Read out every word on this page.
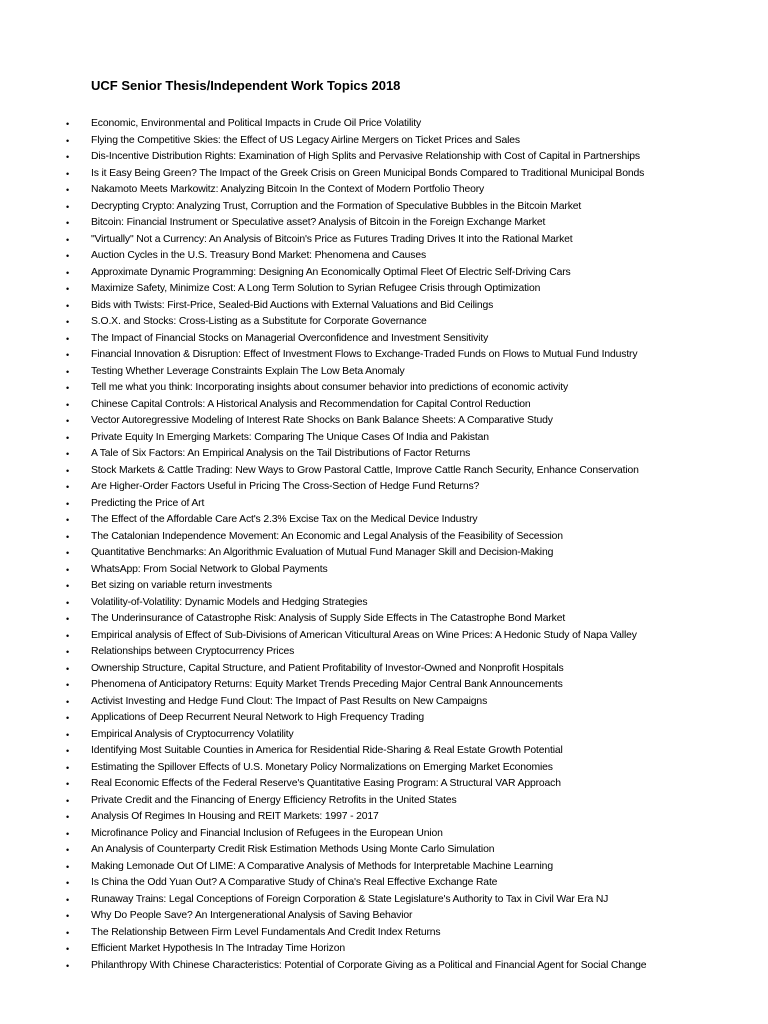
UCF Senior Thesis/Independent Work Topics 2018
• Economic, Environmental and Political Impacts in Crude Oil Price Volatility
• Flying the Competitive Skies: the Effect of US Legacy Airline Mergers on Ticket Prices and Sales
• Dis-Incentive Distribution Rights: Examination of High Splits and Pervasive Relationship with Cost of Capital in Partnerships
• Is it Easy Being Green? The Impact of the Greek Crisis on Green Municipal Bonds Compared to Traditional Municipal Bonds
• Nakamoto Meets Markowitz: Analyzing Bitcoin In the Context of Modern Portfolio Theory
• Decrypting Crypto: Analyzing Trust, Corruption and the Formation of Speculative Bubbles in the Bitcoin Market
• Bitcoin: Financial Instrument or Speculative asset? Analysis of Bitcoin in the Foreign Exchange Market
• "Virtually" Not a Currency: An Analysis of Bitcoin's Price as Futures Trading Drives It into the Rational Market
• Auction Cycles in the U.S. Treasury Bond Market: Phenomena and Causes
• Approximate Dynamic Programming: Designing An Economically Optimal Fleet Of Electric Self-Driving Cars
• Maximize Safety, Minimize Cost: A Long Term Solution to Syrian Refugee Crisis through Optimization
• Bids with Twists: First-Price, Sealed-Bid Auctions with External Valuations and Bid Ceilings
• S.O.X. and Stocks: Cross-Listing as a Substitute for Corporate Governance
• The Impact of Financial Stocks on Managerial Overconfidence and Investment Sensitivity
• Financial Innovation & Disruption: Effect of Investment Flows to Exchange-Traded Funds on Flows to Mutual Fund Industry
• Testing Whether Leverage Constraints Explain The Low Beta Anomaly
• Tell me what you think: Incorporating insights about consumer behavior into predictions of economic activity
• Chinese Capital Controls: A Historical Analysis and Recommendation for Capital Control Reduction
• Vector Autoregressive Modeling of Interest Rate Shocks on Bank Balance Sheets: A Comparative Study
• Private Equity In Emerging Markets: Comparing The Unique Cases Of India and Pakistan
• A Tale of Six Factors: An Empirical Analysis on the Tail Distributions of Factor Returns
• Stock Markets & Cattle Trading: New Ways to Grow Pastoral Cattle, Improve Cattle Ranch Security, Enhance Conservation
• Are Higher-Order Factors Useful in Pricing The Cross-Section of Hedge Fund Returns?
• Predicting the Price of Art
• The Effect of the Affordable Care Act's 2.3% Excise Tax on the Medical Device Industry
• The Catalonian Independence Movement: An Economic and Legal Analysis of the Feasibility of Secession
• Quantitative Benchmarks: An Algorithmic Evaluation of Mutual Fund Manager Skill and Decision-Making
• WhatsApp: From Social Network to Global Payments
• Bet sizing on variable return investments
• Volatility-of-Volatility: Dynamic Models and Hedging Strategies
• The Underinsurance of Catastrophe Risk: Analysis of Supply Side Effects in The Catastrophe Bond Market
• Empirical analysis of Effect of Sub-Divisions of American Viticultural Areas on Wine Prices: A Hedonic Study of Napa Valley
• Relationships between Cryptocurrency Prices
• Ownership Structure, Capital Structure, and Patient Profitability of Investor-Owned and Nonprofit Hospitals
• Phenomena of Anticipatory Returns: Equity Market Trends Preceding Major Central Bank Announcements
• Activist Investing and Hedge Fund Clout: The Impact of Past Results on New Campaigns
• Applications of Deep Recurrent Neural Network to High Frequency Trading
• Empirical Analysis of Cryptocurrency Volatility
• Identifying Most Suitable Counties in America for Residential Ride-Sharing & Real Estate Growth Potential
• Estimating the Spillover Effects of U.S. Monetary Policy Normalizations on Emerging Market Economies
• Real Economic Effects of the Federal Reserve's Quantitative Easing Program: A Structural VAR Approach
• Private Credit and the Financing of Energy Efficiency Retrofits in the United States
• Analysis Of Regimes In Housing and REIT Markets: 1997 - 2017
• Microfinance Policy and Financial Inclusion of Refugees in the European Union
• An Analysis of Counterparty Credit Risk Estimation Methods Using Monte Carlo Simulation
• Making Lemonade Out Of LIME: A Comparative Analysis of Methods for Interpretable Machine Learning
• Is China the Odd Yuan Out? A Comparative Study of China's Real Effective Exchange Rate
• Runaway Trains: Legal Conceptions of Foreign Corporation & State Legislature's Authority to Tax in Civil War Era NJ
• Why Do People Save? An Intergenerational Analysis of Saving Behavior
• The Relationship Between Firm Level Fundamentals And Credit Index Returns
• Efficient Market Hypothesis In The Intraday Time Horizon
• Philanthropy With Chinese Characteristics: Potential of Corporate Giving as a Political and Financial Agent for Social Change
